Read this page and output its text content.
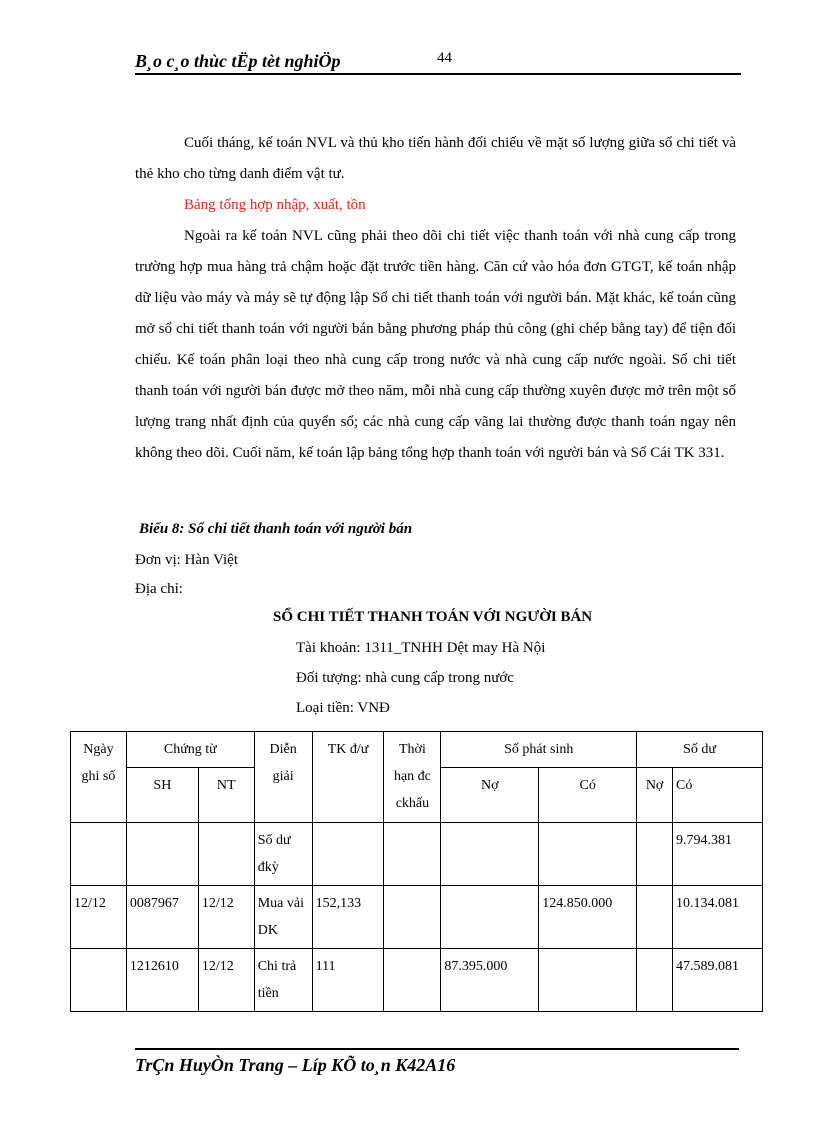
B¸o c¸o thùc tËp tèt nghiÖp	44

Cuối tháng, kế toán NVL và thủ kho tiến hành đối chiếu về mặt số lượng giữa sổ chi tiết và thẻ kho cho từng danh điểm vật tư.

Bảng tổng hợp nhập, xuất, tồn

Ngoài ra kế toán NVL cũng phải theo dõi chi tiết việc thanh toán với nhà cung cấp trong trường hợp mua hàng trả chậm hoặc đặt trước tiền hàng. Căn cứ vào hóa đơn GTGT, kế toán nhập dữ liệu vào máy và máy sẽ tự động lập Sổ chi tiết thanh toán với người bán. Mặt khác, kế toán cũng mở sổ chi tiết thanh toán với người bán bằng phương pháp thủ công (ghi chép bằng tay) để tiện đối chiếu. Kế toán phân loại theo nhà cung cấp trong nước và nhà cung cấp nước ngoài. Sổ chi tiết thanh toán với người bán được mở theo năm, mỗi nhà cung cấp thường xuyên được mở trên một số lượng trang nhất định của quyển sổ; các nhà cung cấp vãng lai thường được thanh toán ngay nên không theo dõi. Cuối năm, kế toán lập bảng tổng hợp thanh toán với người bán và Sổ Cái TK 331.

Biểu 8: Sổ chi tiết thanh toán với người bán
Đơn vị: Hàn Việt
Địa chỉ:
SỔ CHI TIẾT THANH TOÁN VỚI NGƯỜI BÁN
Tài khoản: 1311_TNHH Dệt may Hà Nội
Đối tượng: nhà cung cấp trong nước
Loại tiền: VNĐ
Ngày ghi sổ	Chứng từ		Diễn giải	TK đ/ư	Thời hạn đc ckhấu	Số phát sinh		Số dư	
	SH	NT				Nợ	Có	Nợ	Có
			Số dư đkỳ						9.794.381
12/12	0087967	12/12	Mua vải DK	152,133			124.850.000		10.134.081
	1212610	12/12	Chi trả tiền	111		87.395.000			47.589.081
TrÇn HuyÒn Trang – Líp KÕ to¸n K42A16
